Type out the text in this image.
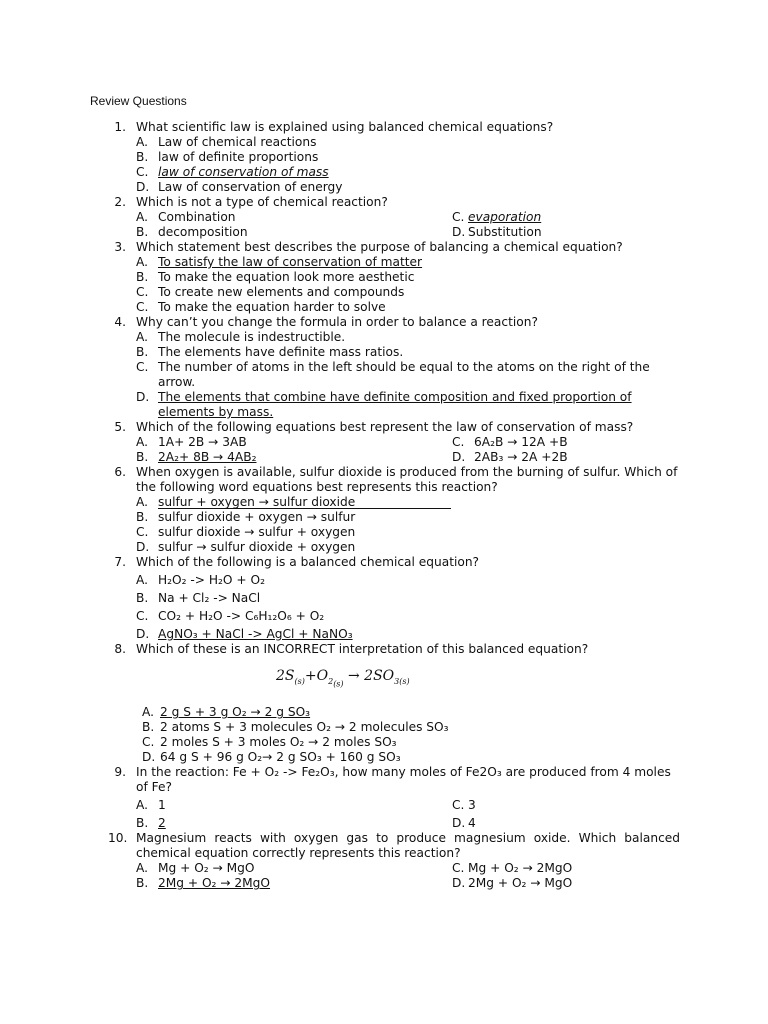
Review Questions
1. What scientific law is explained using balanced chemical equations?
A. Law of chemical reactions
B. law of definite proportions
C. law of conservation of mass
D. Law of conservation of energy
2. Which is not a type of chemical reaction?
A. Combination	C. evaporation
B. decomposition	D. Substitution
3. Which statement best describes the purpose of balancing a chemical equation?
A. To satisfy the law of conservation of matter
B. To make the equation look more aesthetic
C. To create new elements and compounds
C. To make the equation harder to solve
4. Why can’t you change the formula in order to balance a reaction?
A. The molecule is indestructible.
B. The elements have definite mass ratios.
C. The number of atoms in the left should be equal to the atoms on the right of the arrow.
D. The elements that combine have definite composition and fixed proportion of elements by mass.
5. Which of the following equations best represent the law of conservation of mass?
A. 1A+ 2B → 3AB	C. 6A₂B → 12A +B
B. 2A₂+ 8B → 4AB₂	D. 2AB₃ → 2A +2B
6. When oxygen is available, sulfur dioxide is produced from the burning of sulfur. Which of the following word equations best represents this reaction?
A. sulfur + oxygen → sulfur dioxide
B. sulfur dioxide + oxygen → sulfur
C. sulfur dioxide → sulfur + oxygen
D. sulfur → sulfur dioxide + oxygen
7. Which of the following is a balanced chemical equation?
A. H₂O₂ -> H₂O + O₂
B. Na + Cl₂ -> NaCl
C. CO₂ + H₂O -> C₆H₁₂O₆ + O₂
D. AgNO₃ + NaCl -> AgCl + NaNO₃
8. Which of these is an INCORRECT interpretation of this balanced equation?
$2S_{(s)}+O_{2_{(s)}} \to 2SO_{3(s)}$
A. 2 g S + 3 g O₂ → 2 g SO₃
B. 2 atoms S + 3 molecules O₂ → 2 molecules SO₃
C. 2 moles S + 3 moles O₂ → 2 moles SO₃
D. 64 g S + 96 g O₂→ 2 g SO₃ + 160 g SO₃
9. In the reaction: Fe + O₂ -> Fe₂O₃, how many moles of Fe2O₃ are produced from 4 moles of Fe?
A. 1	C. 3
B. 2	D. 4
10. Magnesium reacts with oxygen gas to produce magnesium oxide. Which balanced chemical equation correctly represents this reaction?
A. Mg + O₂ → MgO	C. Mg + O₂ → 2MgO
B. 2Mg + O₂ → 2MgO	D. 2Mg + O₂ → MgO
